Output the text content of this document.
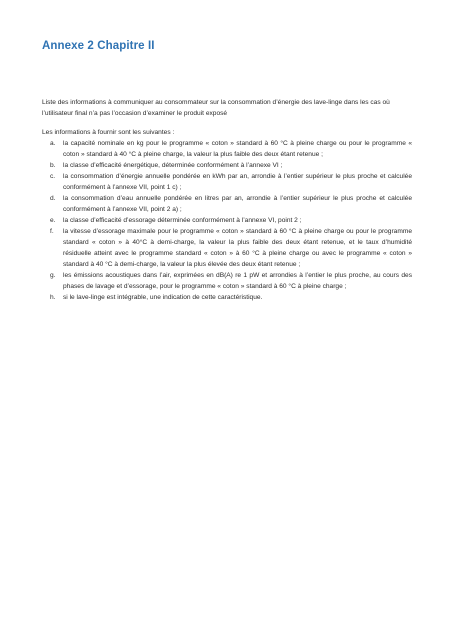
Annexe 2 Chapitre II
Liste des informations à communiquer au consommateur sur la consommation d’énergie des lave-linge dans les cas où l’utilisateur final n’a pas l’occasion d’examiner le produit exposé
Les informations à fournir sont les suivantes :
a. la capacité nominale en kg pour le programme « coton » standard à 60 °C à pleine charge ou pour le programme « coton » standard à 40 °C à pleine charge, la valeur la plus faible des deux étant retenue ;
b. la classe d’efficacité énergétique, déterminée conformément à l’annexe VI ;
c. la consommation d’énergie annuelle pondérée en kWh par an, arrondie à l’entier supérieur le plus proche et calculée conformément à l’annexe VII, point 1 c) ;
d. la consommation d’eau annuelle pondérée en litres par an, arrondie à l’entier supérieur le plus proche et calculée conformément à l’annexe VII, point 2 a) ;
e. la classe d’efficacité d’essorage déterminée conformément à l’annexe VI, point 2 ;
f. la vitesse d’essorage maximale pour le programme « coton » standard à 60 °C à pleine charge ou pour le programme standard « coton » à 40°C à demi-charge, la valeur la plus faible des deux étant retenue, et le taux d’humidité résiduelle atteint avec le programme standard « coton » à 60 °C à pleine charge ou avec le programme « coton » standard à 40 °C à demi-charge, la valeur la plus élevée des deux étant retenue ;
g. les émissions acoustiques dans l’air, exprimées en dB(A) re 1 pW et arrondies à l’entier le plus proche, au cours des phases de lavage et d’essorage, pour le programme « coton » standard à 60 °C à pleine charge ;
h. si le lave-linge est intégrable, une indication de cette caractéristique.
